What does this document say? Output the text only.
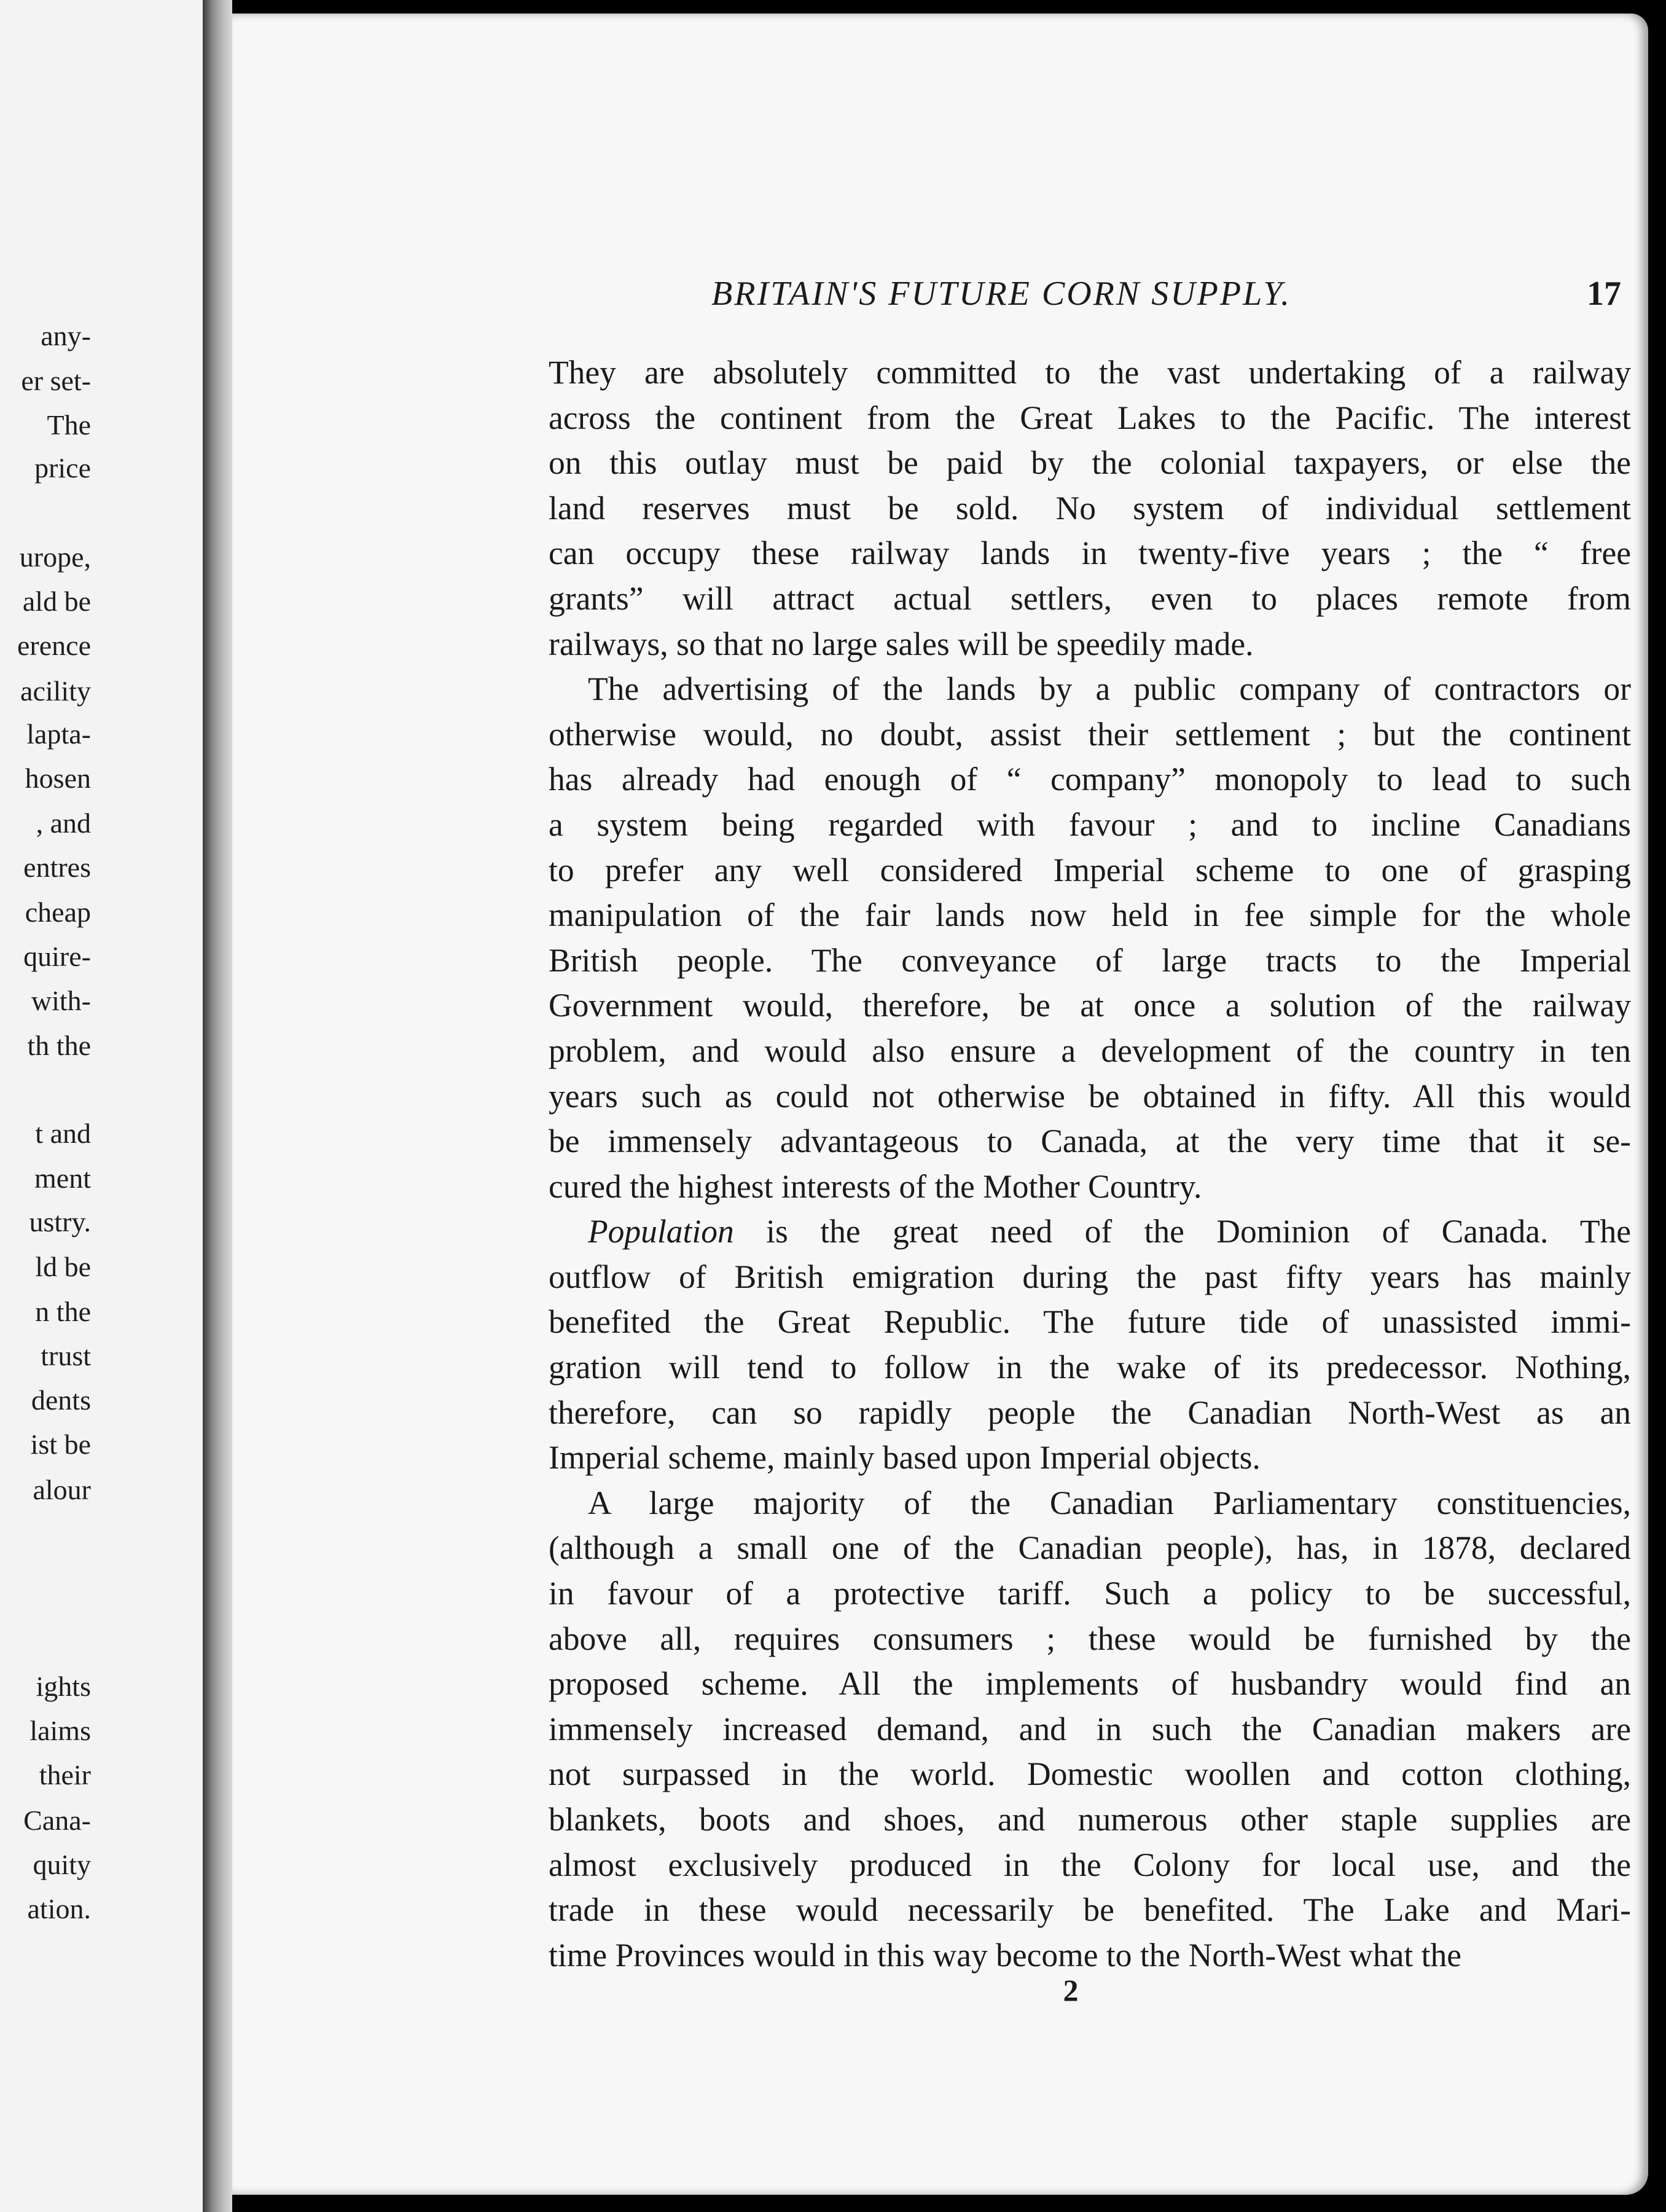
any-
er set-
The
price
urope,
ald be
erence
acility
lapta-
hosen
, and
entres
cheap
quire-
with-
th the
t and
ment
ustry.
ld be
n the
trust
dents
ist be
alour
ights
laims
their
Cana-
quity
ation.
BRITAIN'S FUTURE CORN SUPPLY.	17
They are absolutely committed to the vast undertaking of a railway
across the continent from the Great Lakes to the Pacific. The interest
on this outlay must be paid by the colonial taxpayers, or else the
land reserves must be sold. No system of individual settlement
can occupy these railway lands in twenty-five years ; the “ free
grants” will attract actual settlers, even to places remote from
railways, so that no large sales will be speedily made.
The advertising of the lands by a public company of contractors or
otherwise would, no doubt, assist their settlement ; but the continent
has already had enough of “ company” monopoly to lead to such
a system being regarded with favour ; and to incline Canadians
to prefer any well considered Imperial scheme to one of grasping
manipulation of the fair lands now held in fee simple for the whole
British people. The conveyance of large tracts to the Imperial
Government would, therefore, be at once a solution of the railway
problem, and would also ensure a development of the country in ten
years such as could not otherwise be obtained in fifty. All this would
be immensely advantageous to Canada, at the very time that it se-
cured the highest interests of the Mother Country.
Population is the great need of the Dominion of Canada. The
outflow of British emigration during the past fifty years has mainly
benefited the Great Republic. The future tide of unassisted immi-
gration will tend to follow in the wake of its predecessor. Nothing,
therefore, can so rapidly people the Canadian North-West as an
Imperial scheme, mainly based upon Imperial objects.
A large majority of the Canadian Parliamentary constituencies,
(although a small one of the Canadian people), has, in 1878, declared
in favour of a protective tariff. Such a policy to be successful,
above all, requires consumers ; these would be furnished by the
proposed scheme. All the implements of husbandry would find an
immensely increased demand, and in such the Canadian makers are
not surpassed in the world. Domestic woollen and cotton clothing,
blankets, boots and shoes, and numerous other staple supplies are
almost exclusively produced in the Colony for local use, and the
trade in these would necessarily be benefited. The Lake and Mari-
time Provinces would in this way become to the North-West what the
2
